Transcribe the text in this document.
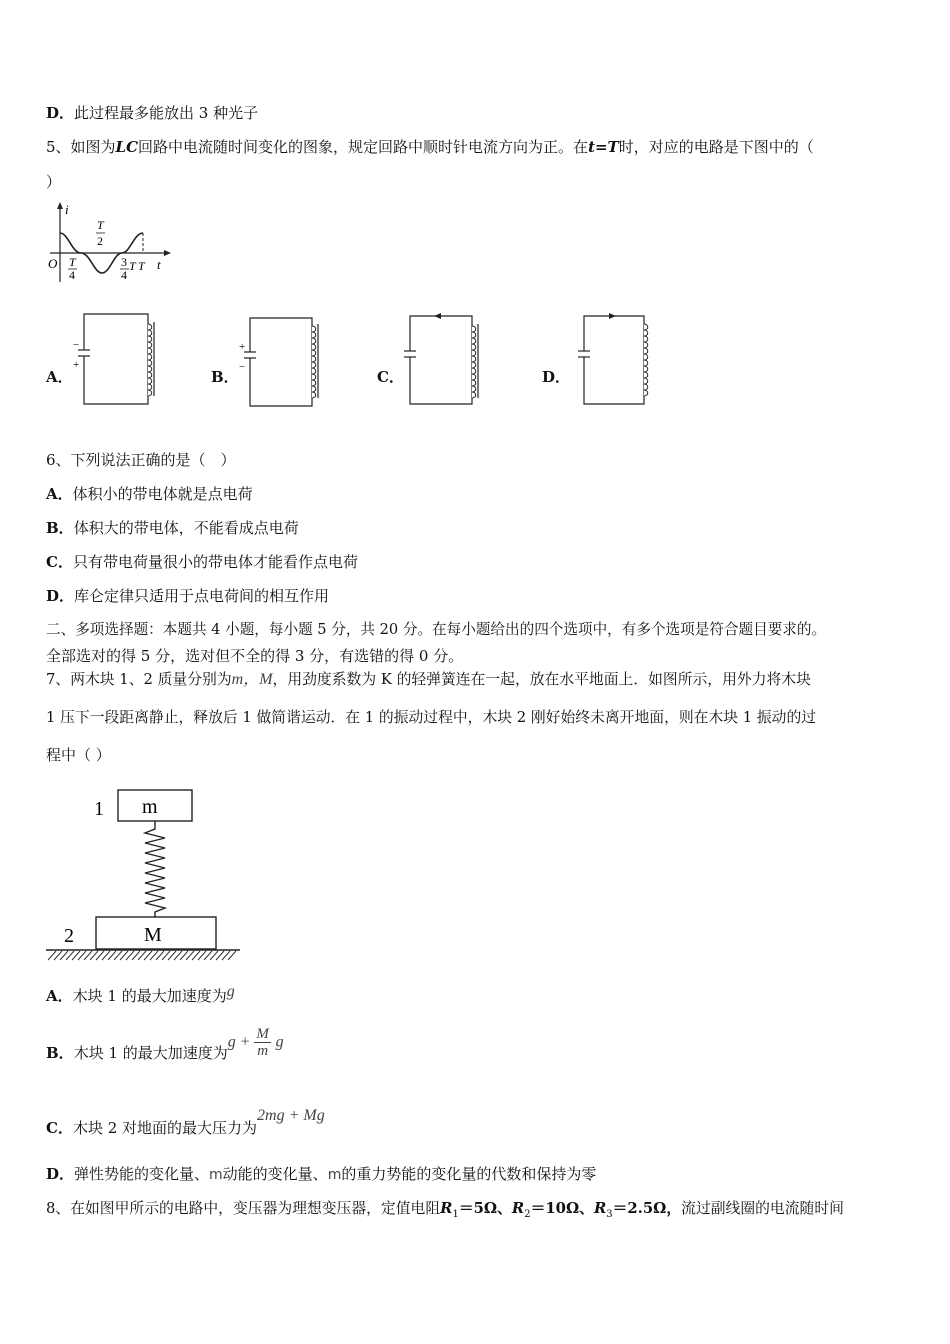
D．此过程最多能放出 3 种光子
5、如图为LC回路中电流随时间变化的图象，规定回路中顺时针电流方向为正。在t=T时，对应的电路是下图中的（
）
i
t
O T
4
T
2
3
4
T T
A．
−
+
B．
+
−
C．	D．
6、下列说法正确的是（　）
A．体积小的带电体就是点电荷
B．体积大的带电体，不能看成点电荷
C．只有带电荷量很小的带电体才能看作点电荷
D．库仑定律只适用于点电荷间的相互作用
二、多项选择题：本题共 4 小题，每小题 5 分，共 20 分。在每小题给出的四个选项中，有多个选项是符合题目要求的。
全部选对的得 5 分，选对但不全的得 3 分，有选错的得 0 分。
7、两木块 1、2 质量分别为m，M，用劲度系数为 K 的轻弹簧连在一起，放在水平地面上．如图所示，用外力将木块
1 压下一段距离静止，释放后 1 做简谐运动．在 1 的振动过程中，木块 2 刚好始终未离开地面，则在木块 1 振动的过
程中（ ）
1 m
2	M
A．木块 1 的最大加速度为g
B．木块 1 的最大加速度为$g + \frac{M}{m}$ g
C．木块 2 对地面的最大压力为2mg + Mg
D．弹性势能的变化量、m动能的变化量、m的重力势能的变化量的代数和保持为零
8、在如图甲所示的电路中，变压器为理想变压器，定值电阻$R_1=5\Omega$、$R_2=10\Omega$、$R_3=2.5\Omega$，流过副线圈的电流随时间
